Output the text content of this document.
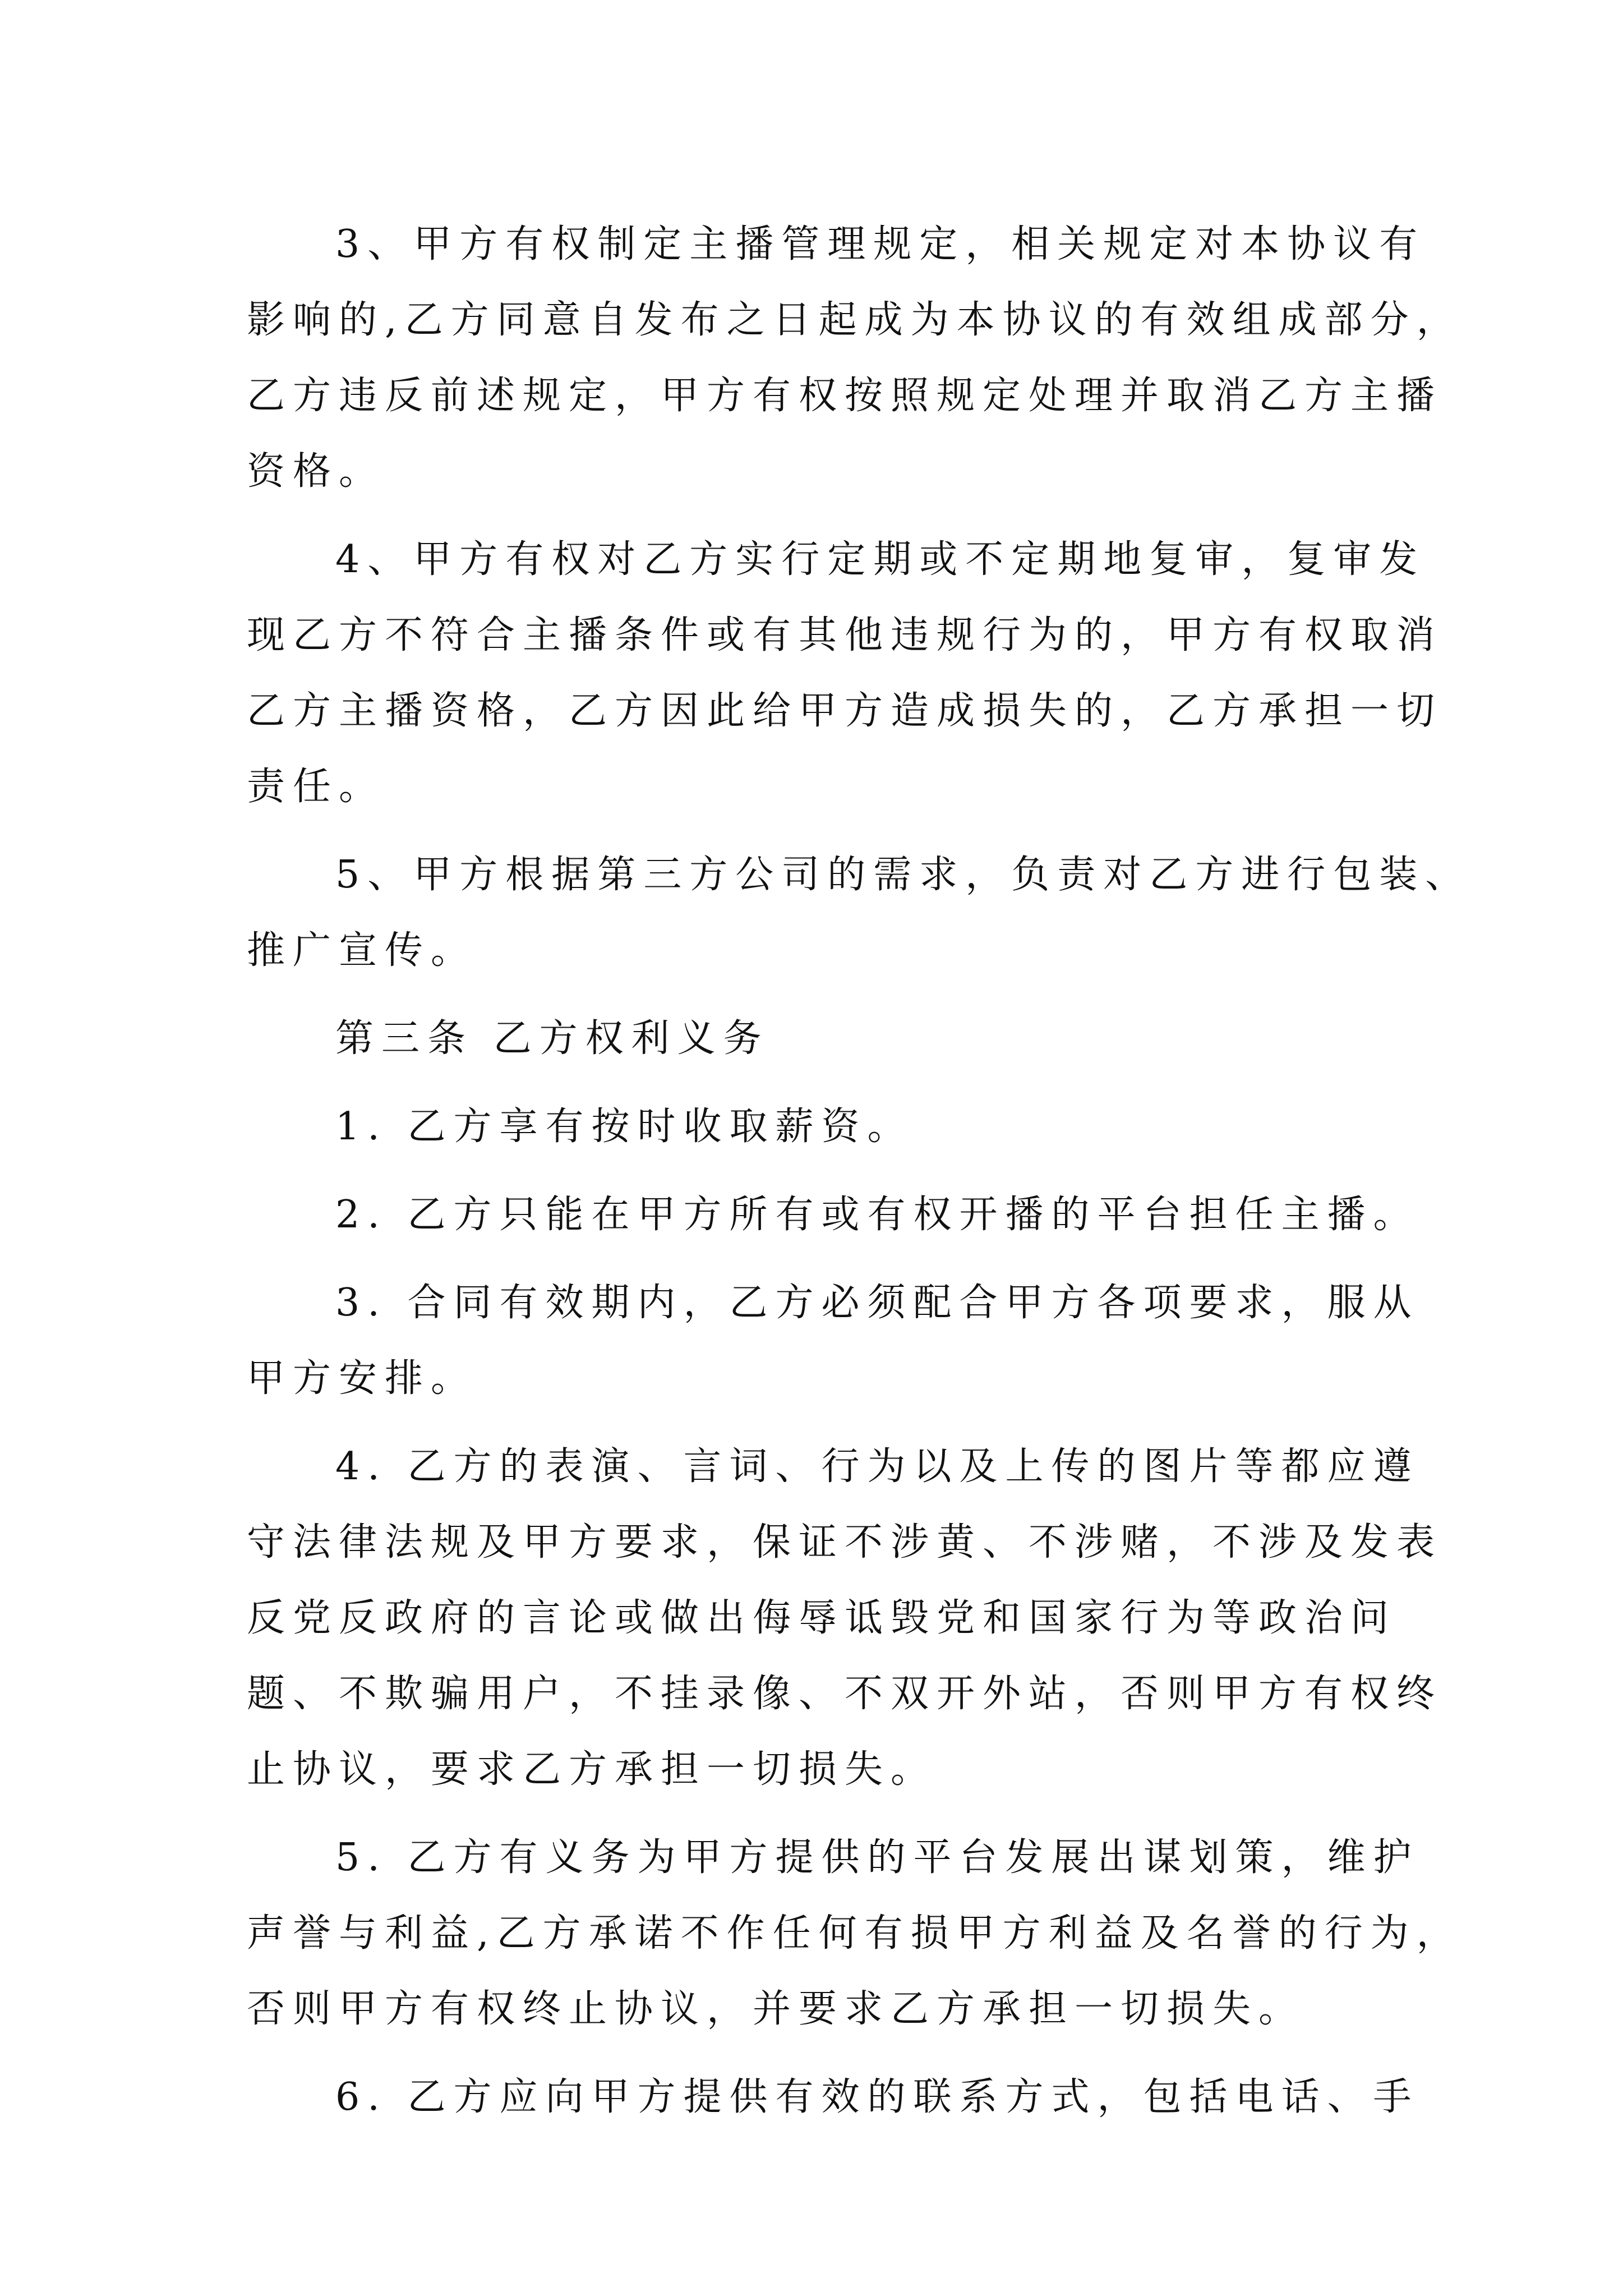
3、甲方有权制定主播管理规定，相关规定对本协议有
影响的,乙方同意自发布之日起成为本协议的有效组成部分，
乙方违反前述规定，甲方有权按照规定处理并取消乙方主播
资格。
4、甲方有权对乙方实行定期或不定期地复审，复审发
现乙方不符合主播条件或有其他违规行为的，甲方有权取消
乙方主播资格，乙方因此给甲方造成损失的，乙方承担一切
责任。
5、甲方根据第三方公司的需求，负责对乙方进行包装、
推广宣传。
第三条 乙方权利义务
1. 乙方享有按时收取薪资。
2. 乙方只能在甲方所有或有权开播的平台担任主播。
3. 合同有效期内，乙方必须配合甲方各项要求，服从
甲方安排。
4. 乙方的表演、言词、行为以及上传的图片等都应遵
守法律法规及甲方要求，保证不涉黄、不涉赌，不涉及发表
反党反政府的言论或做出侮辱诋毁党和国家行为等政治问
题、不欺骗用户，不挂录像、不双开外站，否则甲方有权终
止协议，要求乙方承担一切损失。
5. 乙方有义务为甲方提供的平台发展出谋划策，维护
声誉与利益,乙方承诺不作任何有损甲方利益及名誉的行为，
否则甲方有权终止协议，并要求乙方承担一切损失。
6. 乙方应向甲方提供有效的联系方式，包括电话、手
